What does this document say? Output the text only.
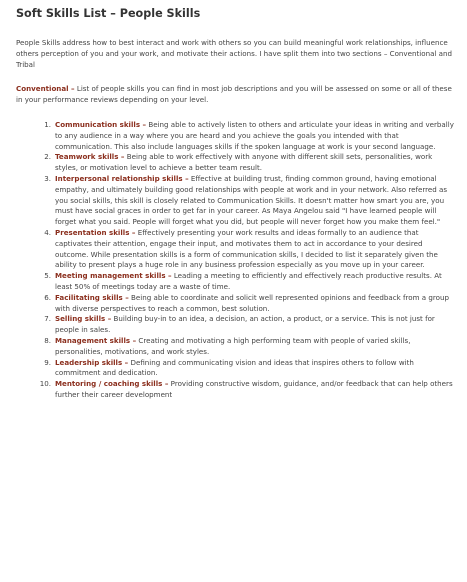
Soft Skills List – People Skills

People Skills address how to best interact and work with others so you can build meaningful work relationships, influence others perception of you and your work, and motivate their actions. I have split them into two sections – Conventional and Tribal

Conventional – List of people skills you can find in most job descriptions and you will be assessed on some or all of these in your performance reviews depending on your level.

Communication skills – Being able to actively listen to others and articulate your ideas in writing and verbally to any audience in a way where you are heard and you achieve the goals you intended with that communication. This also include languages skills if the spoken language at work is your second language.
Teamwork skills – Being able to work effectively with anyone with different skill sets, personalities, work styles, or motivation level to achieve a better team result.
Interpersonal relationship skills – Effective at building trust, finding common ground, having emotional empathy, and ultimately building good relationships with people at work and in your network. Also referred as you social skills, this skill is closely related to Communication Skills. It doesn't matter how smart you are, you must have social graces in order to get far in your career. As Maya Angelou said "I have learned people will forget what you said. People will forget what you did, but people will never forget how you make them feel."
Presentation skills – Effectively presenting your work results and ideas formally to an audience that captivates their attention, engage their input, and motivates them to act in accordance to your desired outcome. While presentation skills is a form of communication skills, I decided to list it separately given the ability to present plays a huge role in any business profession especially as you move up in your career.
Meeting management skills – Leading a meeting to efficiently and effectively reach productive results. At least 50% of meetings today are a waste of time.
Facilitating skills – Being able to coordinate and solicit well represented opinions and feedback from a group with diverse perspectives to reach a common, best solution.
Selling skills – Building buy-in to an idea, a decision, an action, a product, or a service. This is not just for people in sales.
Management skills – Creating and motivating a high performing team with people of varied skills, personalities, motivations, and work styles.
Leadership skills – Defining and communicating vision and ideas that inspires others to follow with commitment and dedication.
Mentoring / coaching skills – Providing constructive wisdom, guidance, and/or feedback that can help others further their career development
